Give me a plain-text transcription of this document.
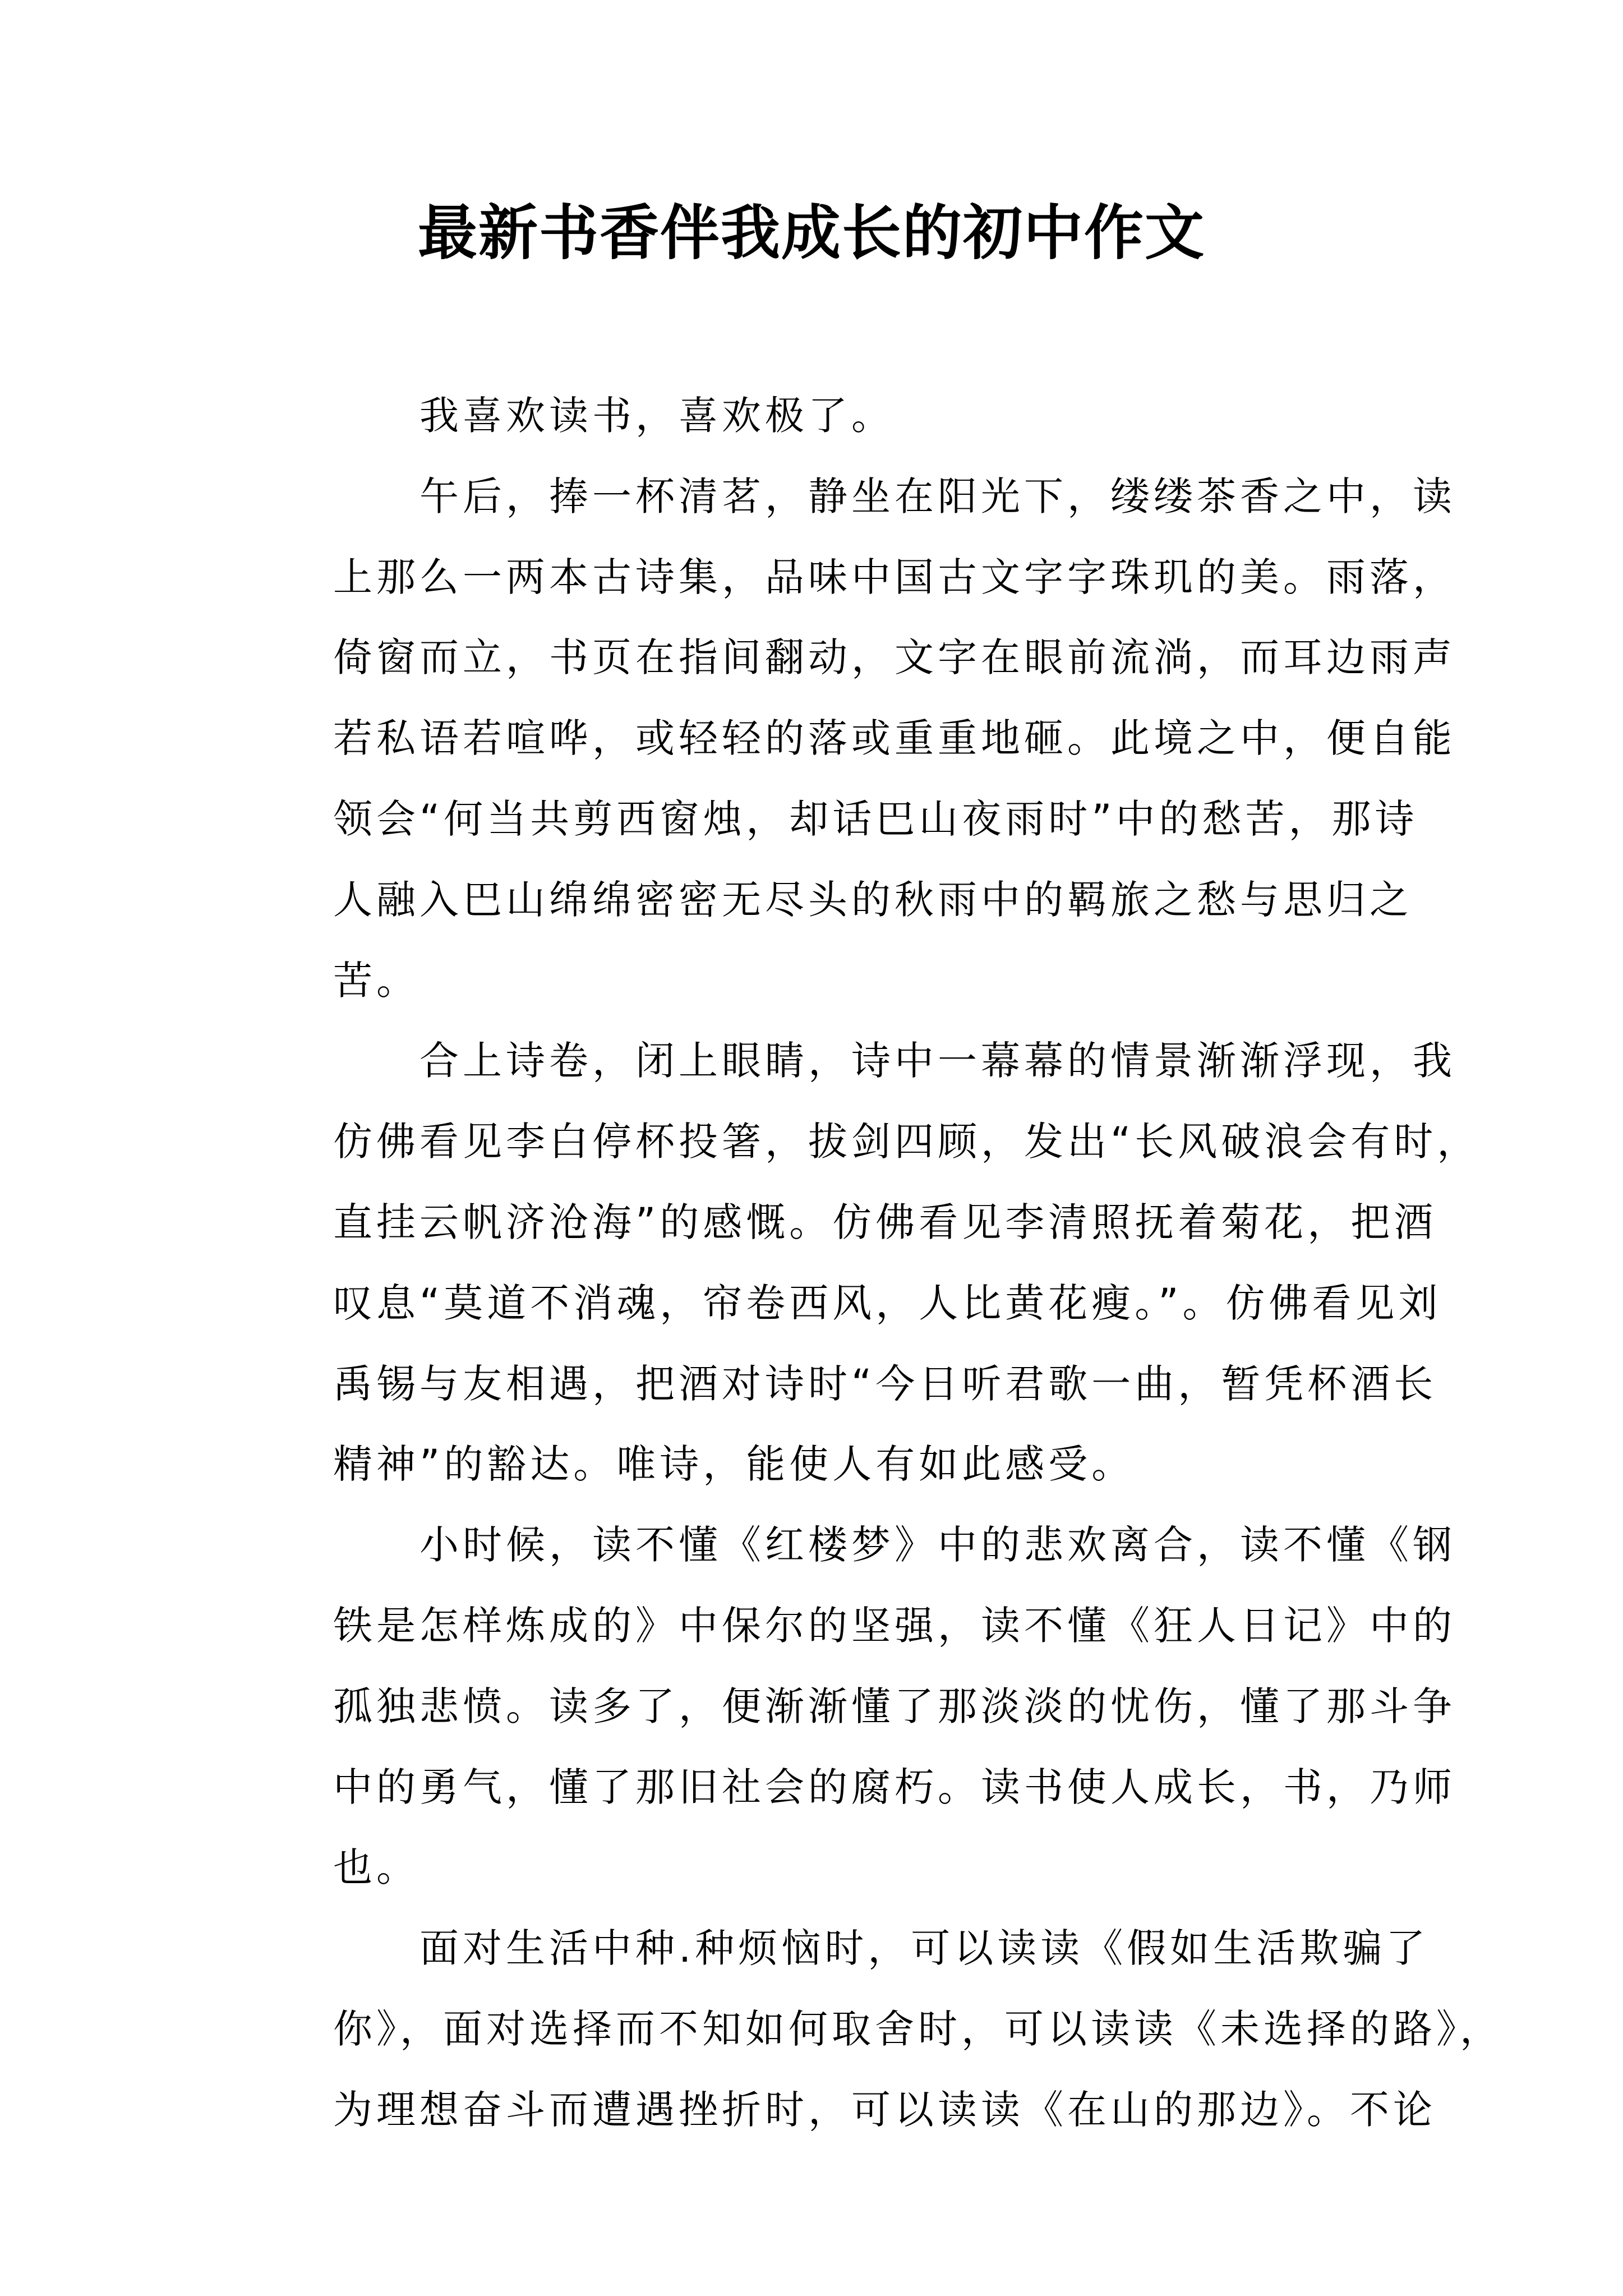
最新书香伴我成长的初中作文
我喜欢读书，喜欢极了。
午后，捧一杯清茗，静坐在阳光下，缕缕茶香之中，读
上那么一两本古诗集，品味中国古文字字珠玑的美。雨落，
倚窗而立，书页在指间翻动，文字在眼前流淌，而耳边雨声
若私语若喧哗，或轻轻的落或重重地砸。此境之中，便自能
领会“何当共剪西窗烛，却话巴山夜雨时”中的愁苦，那诗
人融入巴山绵绵密密无尽头的秋雨中的羁旅之愁与思归之
苦。
合上诗卷，闭上眼睛，诗中一幕幕的情景渐渐浮现，我
仿佛看见李白停杯投箸，拔剑四顾，发出“长风破浪会有时，
直挂云帆济沧海”的感慨。仿佛看见李清照抚着菊花，把酒
叹息“莫道不消魂，帘卷西风，人比黄花瘦。”。仿佛看见刘
禹锡与友相遇，把酒对诗时“今日听君歌一曲，暂凭杯酒长
精神”的豁达。唯诗，能使人有如此感受。
小时候，读不懂《红楼梦》中的悲欢离合，读不懂《钢
铁是怎样炼成的》中保尔的坚强，读不懂《狂人日记》中的
孤独悲愤。读多了，便渐渐懂了那淡淡的忧伤，懂了那斗争
中的勇气，懂了那旧社会的腐朽。读书使人成长，书，乃师
也。
面对生活中种.种烦恼时，可以读读《假如生活欺骗了
你》，面对选择而不知如何取舍时，可以读读《未选择的路》，
为理想奋斗而遭遇挫折时，可以读读《在山的那边》。不论
